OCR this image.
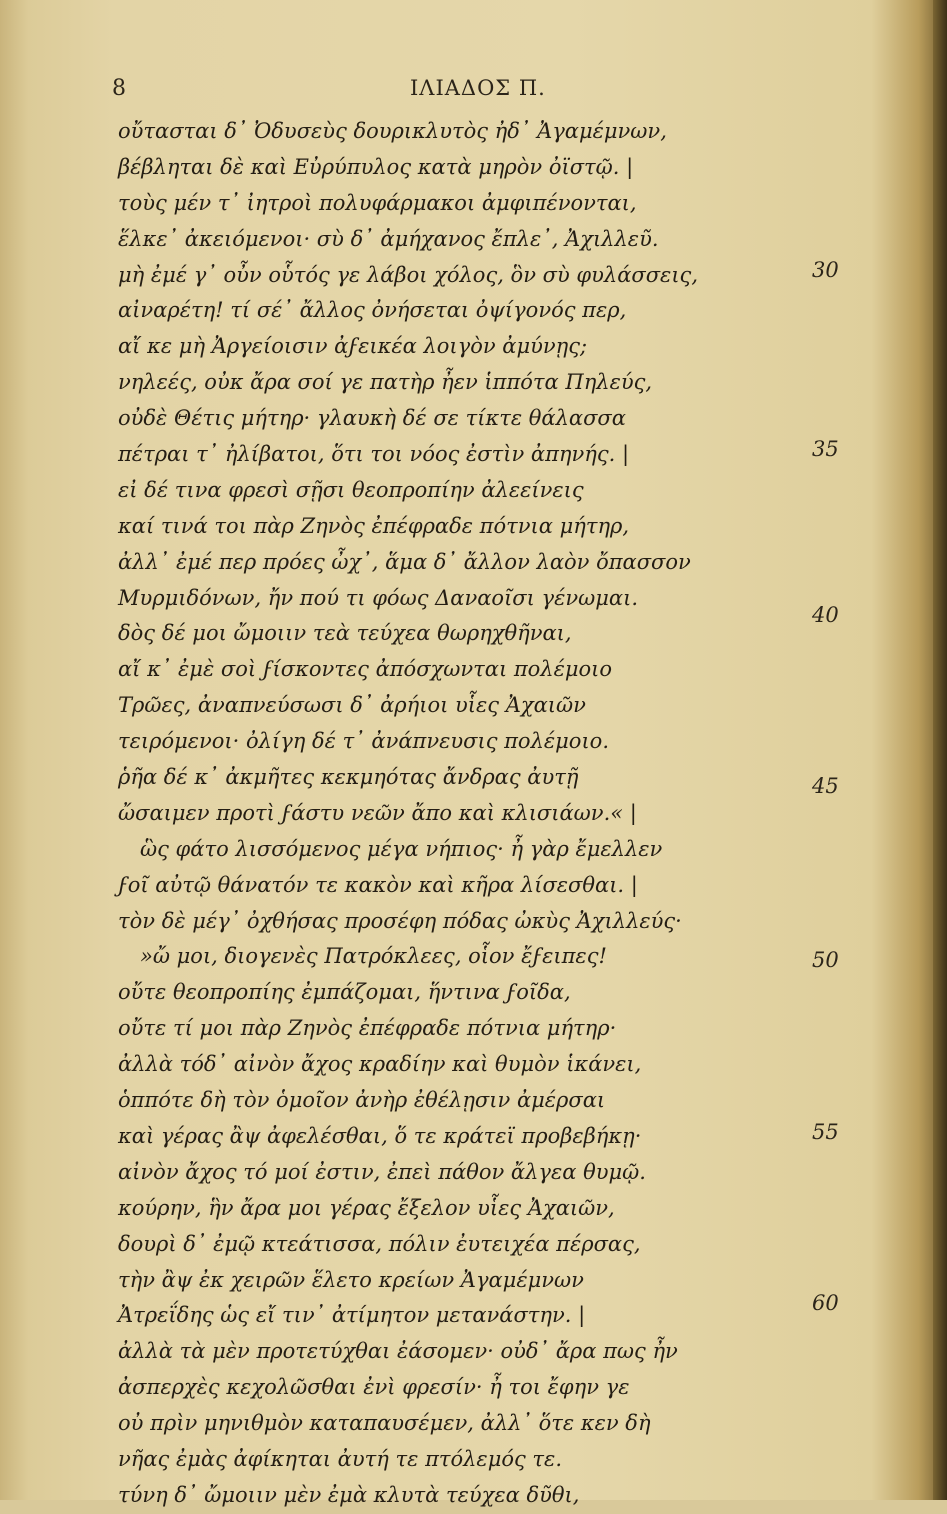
8	ΙΛΙΑΔΟΣ Π.
οὔτασται δ᾽ Ὀδυσεὺς δουρικλυτὸς ἠδ᾽ Ἀγαμέμνων,
βέβληται δὲ καὶ Εὐρύπυλος κατὰ μηρὸν ὀϊστῷ. |
τοὺς μέν τ᾽ ἰητροὶ πολυφάρμακοι ἀμφιπένονται,
ἕλκε᾽ ἀκειόμενοι· σὺ δ᾽ ἀμήχανος ἔπλε᾽, Ἀχιλλεῦ.
μὴ ἐμέ γ᾽ οὖν οὗτός γε λάβοι χόλος, ὃν σὺ φυλάσσεις,
αἰναρέτη! τί σέ᾽ ἄλλος ὀνήσεται ὀψίγονός περ,
αἴ κε μὴ Ἀργείοισιν ἀϝεικέα λοιγὸν ἀμύνῃς;
νηλεές, οὐκ ἄρα σοί γε πατὴρ ἦεν ἱππότα Πηλεύς,
οὐδὲ Θέτις μήτηρ· γλαυκὴ δέ σε τίκτε θάλασσα
πέτραι τ᾽ ἠλίβατοι, ὅτι τοι νόος ἐστὶν ἀπηνής. |
εἰ δέ τινα φρεσὶ σῇσι θεοπροπίην ἀλεείνεις
καί τινά τοι πὰρ Ζηνὸς ἐπέφραδε πότνια μήτηρ,
ἀλλ᾽ ἐμέ περ πρόες ὦχ᾽, ἅμα δ᾽ ἄλλον λαὸν ὄπασσον
Μυρμιδόνων, ἤν πού τι φόως Δαναοῖσι γένωμαι.
δὸς δέ μοι ὤμοιιν τεὰ τεύχεα θωρηχθῆναι,
αἴ κ᾽ ἐμὲ σοὶ ϝίσκοντες ἀπόσχωνται πολέμοιο
Τρῶες, ἀναπνεύσωσι δ᾽ ἀρήιοι υἷες Ἀχαιῶν
τειρόμενοι· ὀλίγη δέ τ᾽ ἀνάπνευσις πολέμοιο.
ῥῆα δέ κ᾽ ἀκμῆτες κεκμηότας ἄνδρας ἀυτῇ
ὤσαιμεν προτὶ ϝάστυ νεῶν ἄπο καὶ κλισιάων.« |
ὣς φάτο λισσόμενος μέγα νήπιος· ἦ γὰρ ἔμελλεν
ϝοῖ αὐτῷ θάνατόν τε κακὸν καὶ κῆρα λίσεσθαι. |
τὸν δὲ μέγ᾽ ὀχθήσας προσέφη πόδας ὠκὺς Ἀχιλλεύς·
»ὤ μοι, διογενὲς Πατρόκλεες, οἷον ἔϝειπες!
οὔτε θεοπροπίης ἐμπάζομαι, ἥντινα ϝοῖδα,
οὔτε τί μοι πὰρ Ζηνὸς ἐπέφραδε πότνια μήτηρ·
ἀλλὰ τόδ᾽ αἰνὸν ἄχος κραδίην καὶ θυμὸν ἱκάνει,
ὁππότε δὴ τὸν ὁμοῖον ἀνὴρ ἐθέλῃσιν ἀμέρσαι
καὶ γέρας ἂψ ἀφελέσθαι, ὅ τε κράτεϊ προβεβήκῃ·
αἰνὸν ἄχος τό μοί ἐστιν, ἐπεὶ πάθον ἄλγεα θυμῷ.
κούρην, ἣν ἄρα μοι γέρας ἔξελον υἷες Ἀχαιῶν,
δουρὶ δ᾽ ἐμῷ κτεάτισσα, πόλιν ἐυτειχέα πέρσας,
τὴν ἂψ ἐκ χειρῶν ἕλετο κρείων Ἀγαμέμνων
Ἀτρεΐδης ὡς εἴ τιν᾽ ἀτίμητον μετανάστην. |
ἀλλὰ τὰ μὲν προτετύχθαι ἐάσομεν· οὐδ᾽ ἄρα πως ἦν
ἀσπερχὲς κεχολῶσθαι ἐνὶ φρεσίν· ἦ τοι ἔφην γε
οὐ πρὶν μηνιθμὸν καταπαυσέμεν, ἀλλ᾽ ὅτε κεν δὴ
νῆας ἐμὰς ἀφίκηται ἀυτή τε πτόλεμός τε.
τύνη δ᾽ ὤμοιιν μὲν ἐμὰ κλυτὰ τεύχεα δῦθι,
30
35
40
45
50
55
60
